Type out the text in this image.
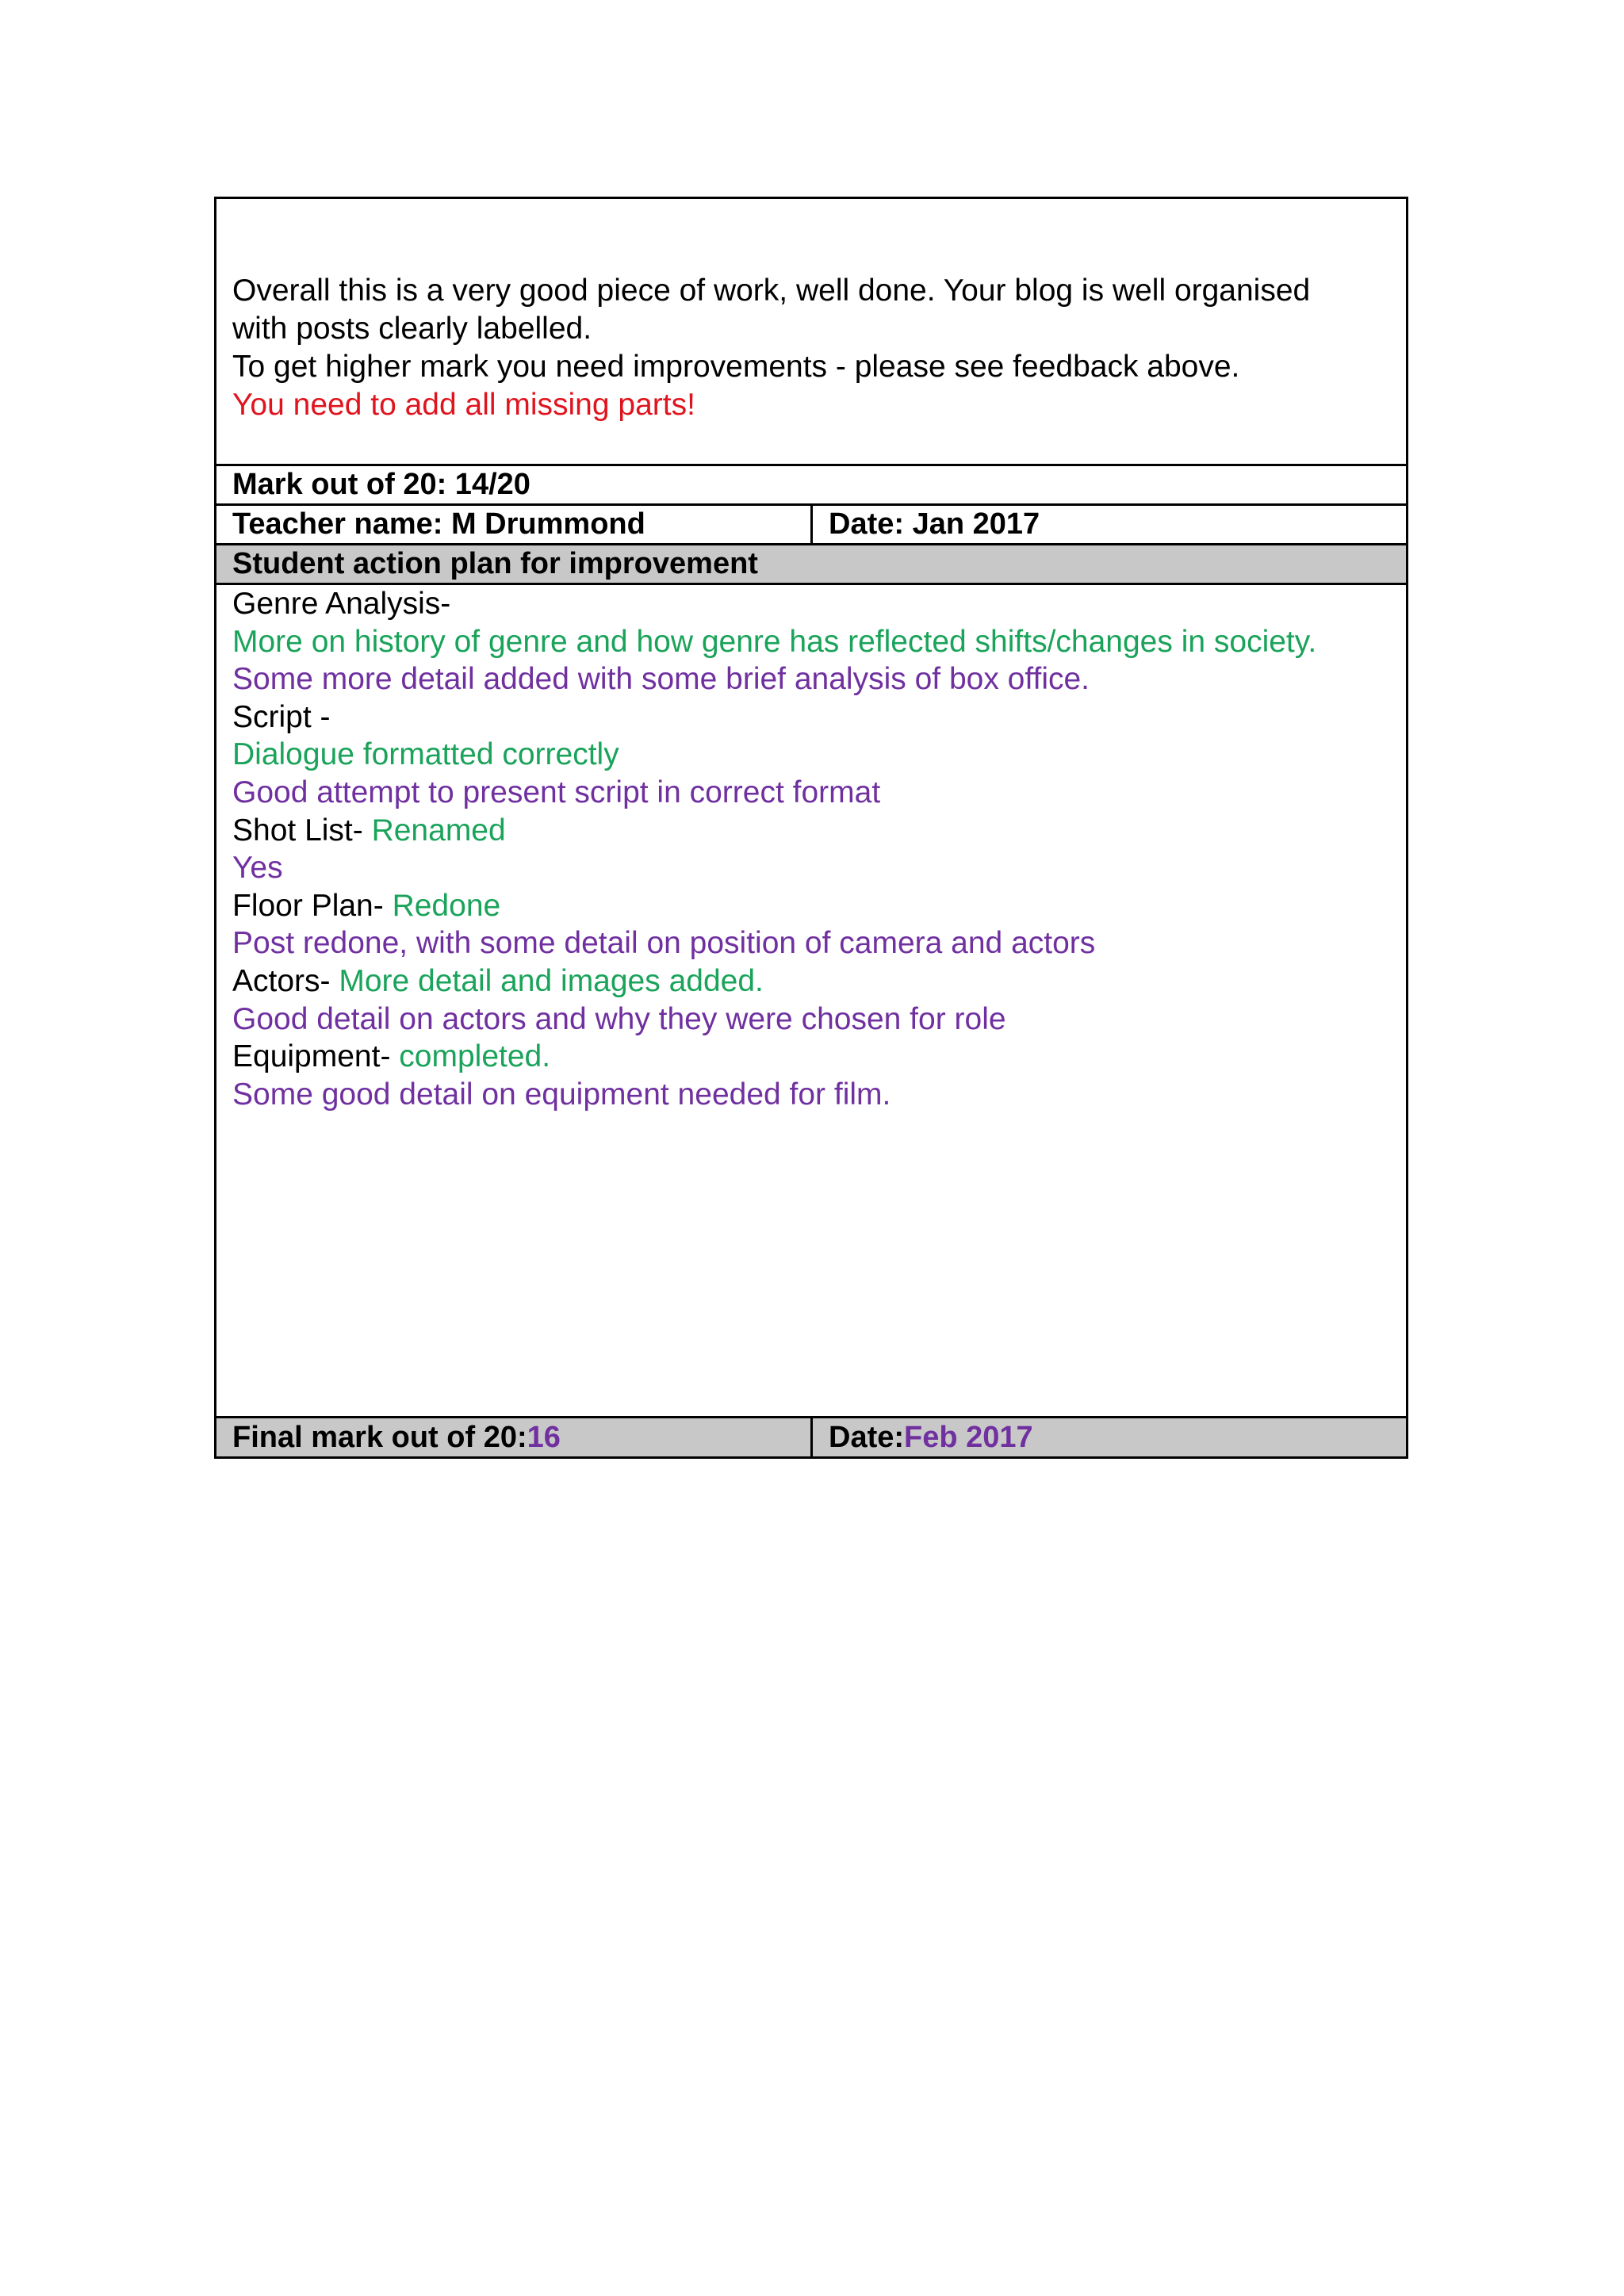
Overall this is a very good piece of work, well done. Your blog is well organised

with posts clearly labelled.

To get higher mark you need improvements - please see feedback above.

You need to add all missing parts!

Mark out of 20: 14/20
Teacher name: M Drummond	Date: Jan 2017
Student action plan for improvement

Genre Analysis-

More on history of genre and how genre has reflected shifts/changes in society.

Some more detail added with some brief analysis of box office.

Script -

Dialogue formatted correctly

Good attempt to present script in correct format

Shot List- Renamed

Yes

Floor Plan- Redone

Post redone, with some detail on position of camera and actors

Actors- More detail and images added.

Good detail on actors and why they were chosen for role

Equipment- completed.

Some good detail on equipment needed for film.

Final mark out of 20: 16	Date: Feb 2017
